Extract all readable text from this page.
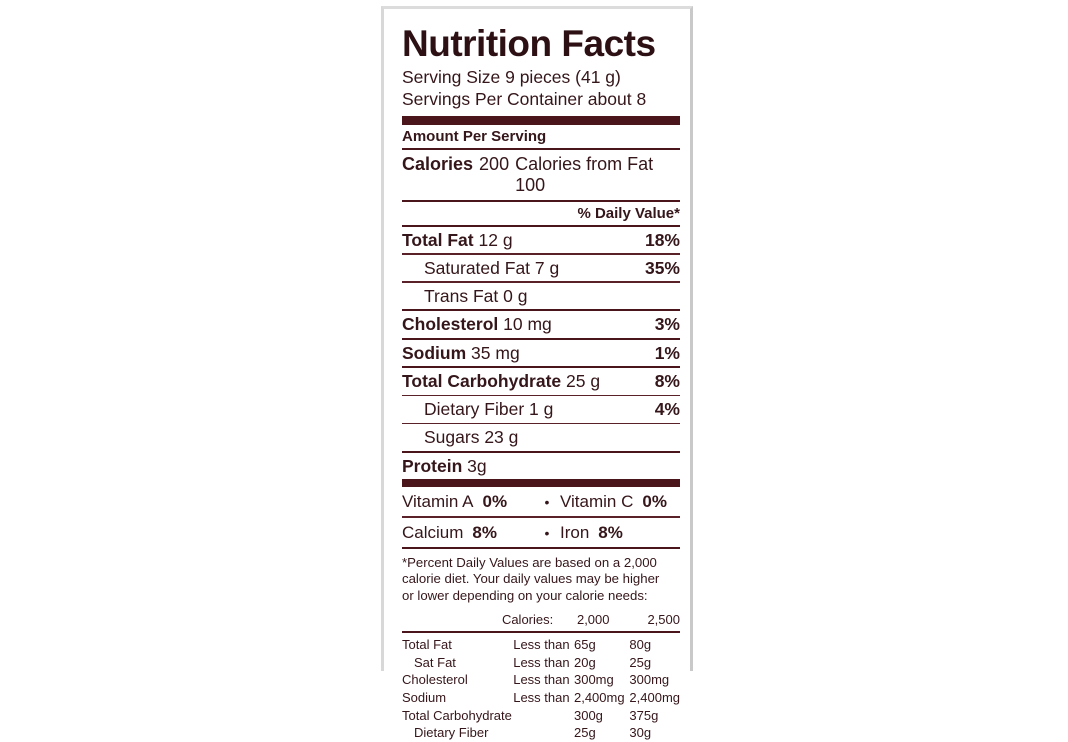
Nutrition Facts
Serving Size 9 pieces (41 g)
Servings Per Container about 8
Amount Per Serving
Calories 200 Calories from Fat 100
% Daily Value*
Total Fat 12 g	18%
Saturated Fat 7 g	35%
Trans Fat 0 g
Cholesterol 10 mg	3%
Sodium 35 mg	1%
Total Carbohydrate 25 g	8%
Dietary Fiber 1 g	4%
Sugars 23 g
Protein 3g
Vitamin A 0%	• Vitamin C 0%
Calcium 8%	• Iron 8%
*Percent Daily Values are based on a 2,000
calorie diet. Your daily values may be higher
or lower depending on your calorie needs:
	Calories:	2,000	2,500
Total Fat	Less than	65g	80g
Sat Fat	Less than	20g	25g
Cholesterol	Less than	300mg	300mg
Sodium	Less than	2,400mg	2,400mg
Total Carbohydrate		300g	375g
Dietary Fiber		25g	30g
